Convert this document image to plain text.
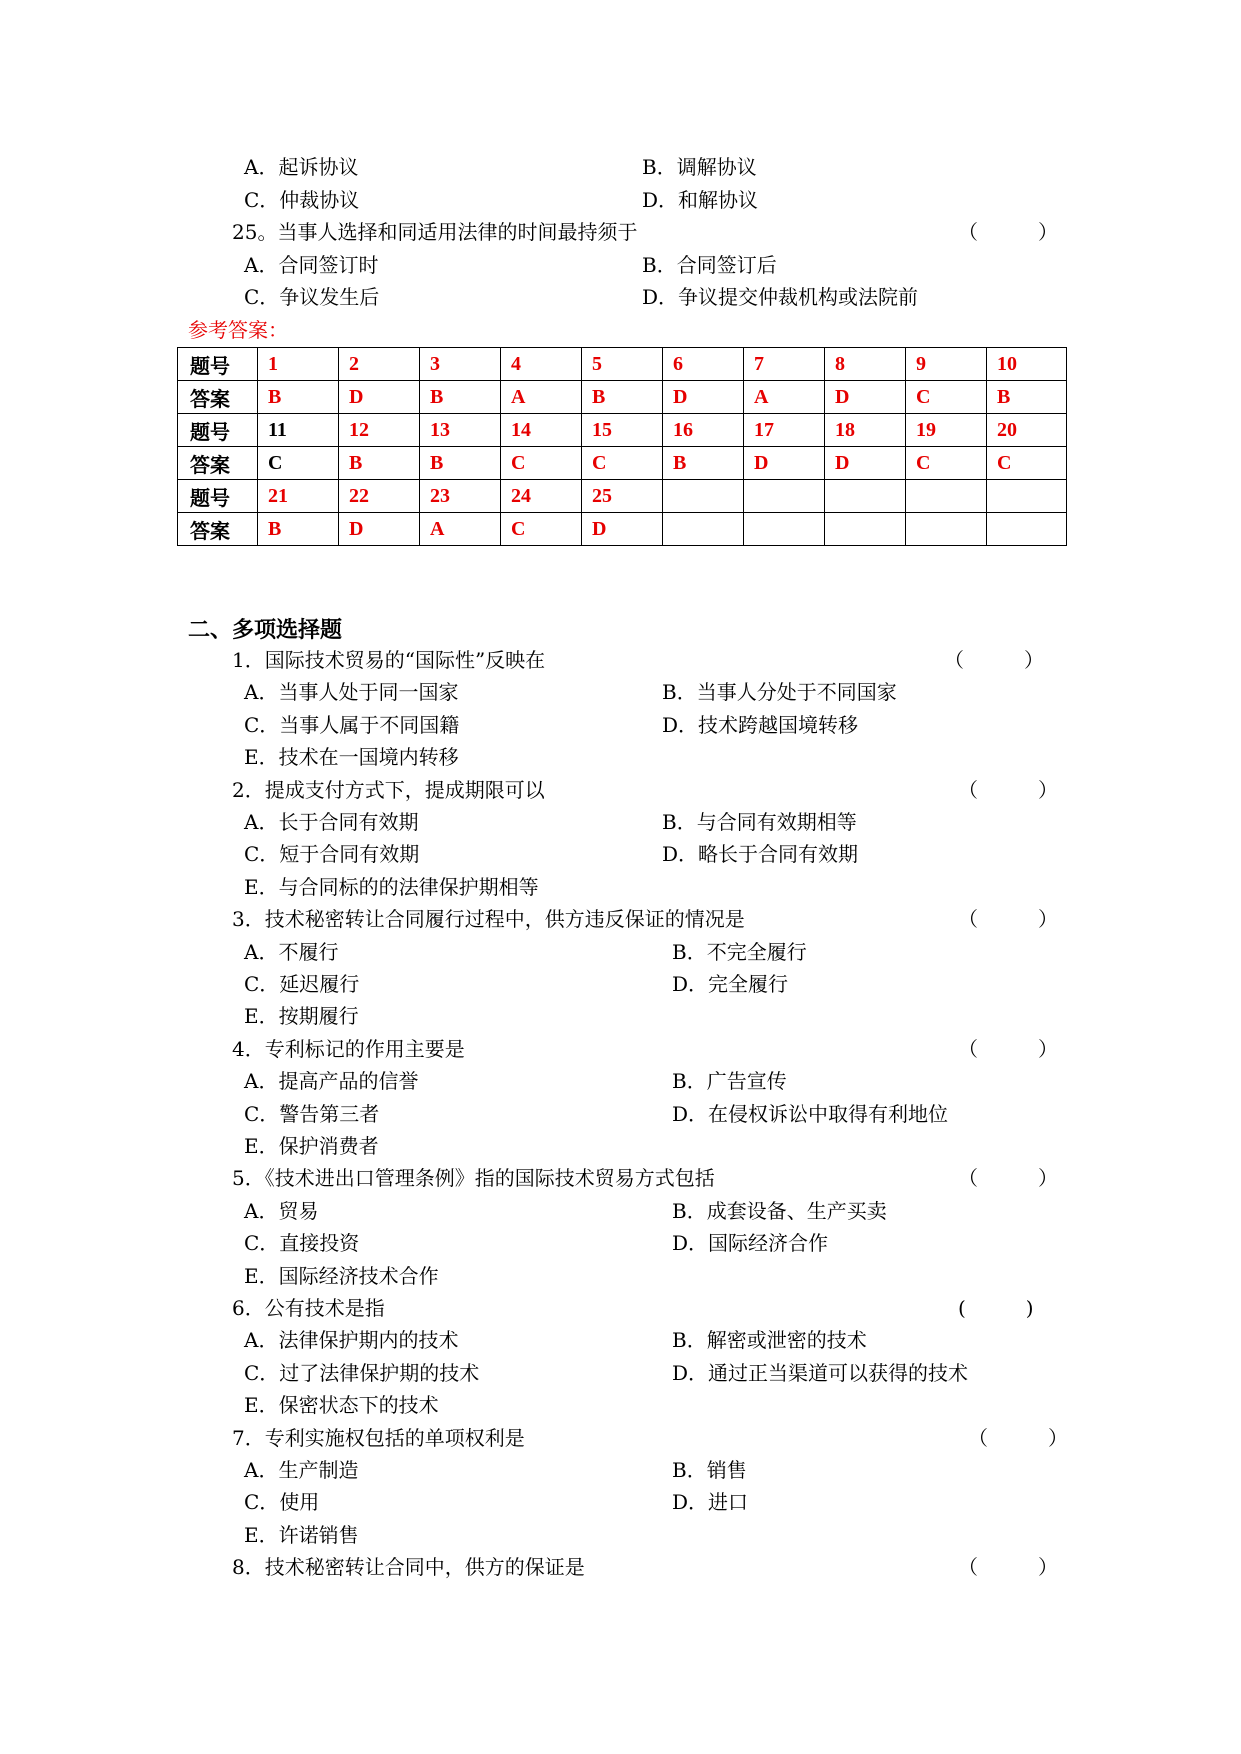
A．起诉协议	B．调解协议
C．仲裁协议	D．和解协议
25。当事人选择和同适用法律的时间最持须于	（　　　）
A．合同签订时	B．合同签订后
C．争议发生后	D．争议提交仲裁机构或法院前
参考答案：
题号	1	2	3	4	5	6	7	8	9	10
答案	B	D	B	A	B	D	A	D	C	B
题号	11	12	13	14	15	16	17	18	19	20
答案	C	B	B	C	C	B	D	D	C	C
题号	21	22	23	24	25					
答案	B	D	A	C	D					
二、多项选择题
1．国际技术贸易的“国际性”反映在	（　　　）
A．当事人处于同一国家	B．当事人分处于不同国家
C．当事人属于不同国籍	D．技术跨越国境转移
E．技术在一国境内转移
2．提成支付方式下，提成期限可以	（　　　）
A．长于合同有效期	B．与合同有效期相等
C．短于合同有效期	D．略长于合同有效期
E．与合同标的的法律保护期相等
3．技术秘密转让合同履行过程中，供方违反保证的情况是	（　　　）
A．不履行	B．不完全履行
C．延迟履行	D．完全履行
E．按期履行
4．专利标记的作用主要是	（　　　）
A．提高产品的信誉	B．广告宣传
C．警告第三者	D．在侵权诉讼中取得有利地位
E．保护消费者
5．《技术进出口管理条例》指的国际技术贸易方式包括	（　　　）
A．贸易	B．成套设备、生产买卖
C．直接投资	D．国际经济合作
E．国际经济技术合作
6．公有技术是指	(　　　)
A．法律保护期内的技术	B．解密或泄密的技术
C．过了法律保护期的技术	D．通过正当渠道可以获得的技术
E．保密状态下的技术
7．专利实施权包括的单项权利是	（　　　）
A．生产制造	B．销售
C．使用	D．进口
E．许诺销售
8．技术秘密转让合同中，供方的保证是	（　　　）
